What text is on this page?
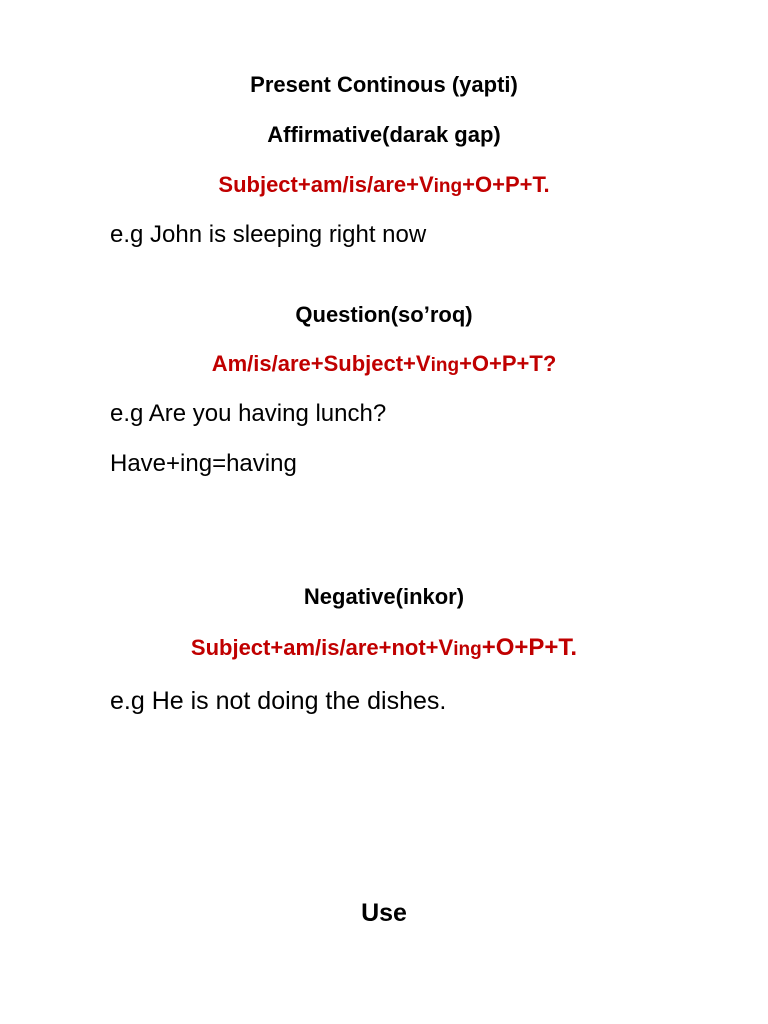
Present Continous (yapti)
Affirmative(darak gap)
Subject+am/is/are+Ving+O+P+T.
e.g John is sleeping right now
Question(so’roq)
Am/is/are+Subject+Ving+O+P+T?
e.g Are you having lunch?
Have+ing=having
Negative(inkor)
Subject+am/is/are+not+Ving+O+P+T.
e.g He is not doing the dishes.
Use
